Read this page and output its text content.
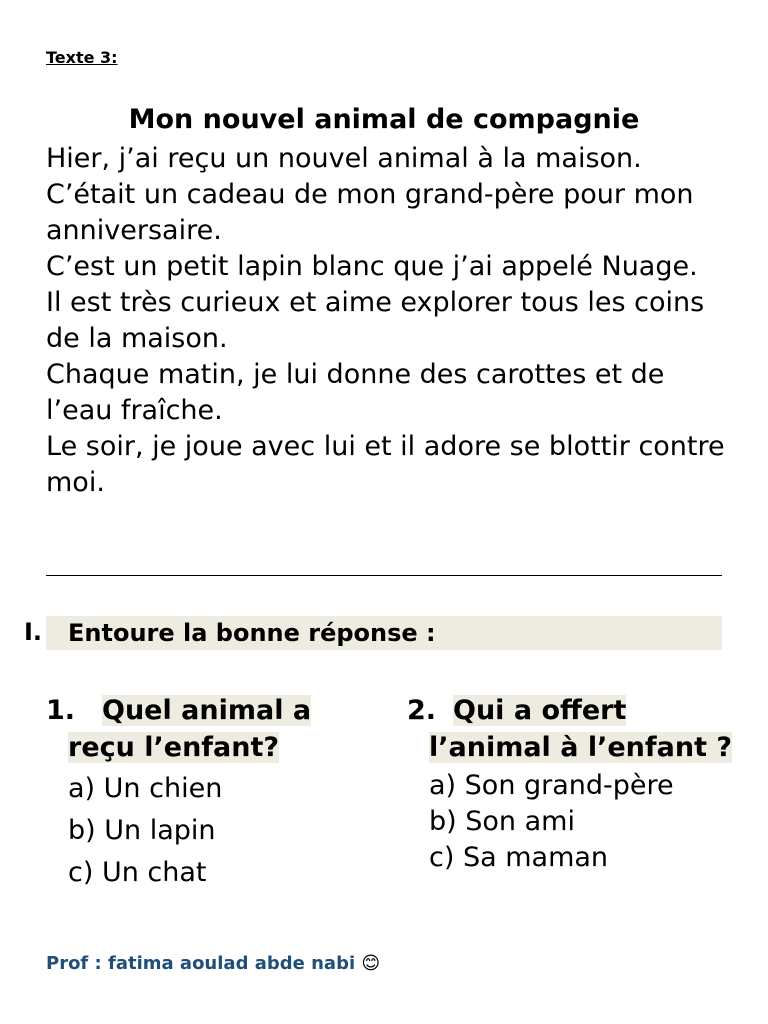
Texte 3:
Mon nouvel animal de compagnie

Hier, j’ai reçu un nouvel animal à la maison. C’était un cadeau de mon grand-père pour mon anniversaire.

C’est un petit lapin blanc que j’ai appelé Nuage.

Il est très curieux et aime explorer tous les coins de la maison.

Chaque matin, je lui donne des carottes et de l’eau fraîche.

Le soir, je joue avec lui et il adore se blottir contre moi.

I.	Entoure la bonne réponse :
1. Quel animal a reçu l’enfant?
a) Un chien
b) Un lapin
c) Un chat
2. Qui a offert l’animal à l’enfant ?
a) Son grand-père
b) Son ami
c) Sa maman
Prof : fatima aoulad abde nabi 😊
